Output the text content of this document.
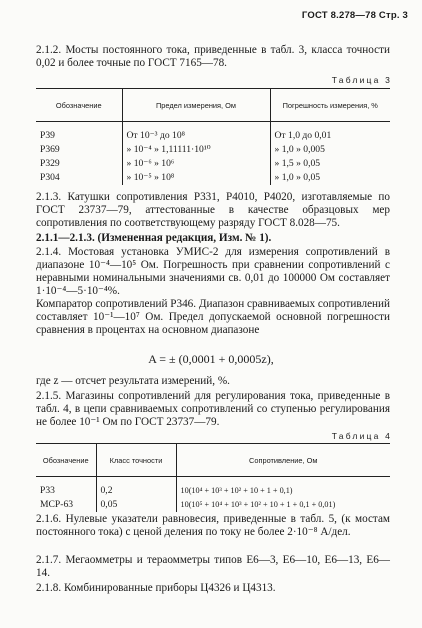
ГОСТ 8.278—78 Стр. 3
2.1.2. Мосты постоянного тока, приведенные в табл. 3, класса точности 0,02 и более точные по ГОСТ 7165—78.
Таблица 3
Обозначение	Предел измерения, Ом	Погрешность измерения, %
Р39	От 10⁻³ до 10⁸	От 1,0 до 0,01
Р369	» 10⁻⁴ » 1,11111·10¹⁰	» 1,0 » 0,005
Р329	» 10⁻⁶ » 10⁶	» 1,5 » 0,05
Р304	» 10⁻⁵ » 10⁸	» 1,0 » 0,05
2.1.3. Катушки сопротивления Р331, Р4010, Р4020, изготавляемые по ГОСТ 23737—79, аттестованные в качестве образцовых мер сопротивления по соответствующему разряду ГОСТ 8.028—75.
2.1.1—2.1.3. (Измененная редакция, Изм. № 1).
2.1.4. Мостовая установка УМИС-2 для измерения сопротивлений в диапазоне 10⁻⁴—10⁵ Ом. Погрешность при сравнении сопротивлений с неравными номинальными значениями св. 0,01 до 100000 Ом составляет 1·10⁻⁴—5·10⁻⁴%.
Компаратор сопротивлений Р346. Диапазон сравниваемых сопротивлений составляет 10⁻¹—10⁷ Ом. Предел допускаемой основной погрешности сравнения в процентах на основном диапазоне
A = ± (0,0001 + 0,0005z),
где z — отсчет результата измерений, %.
2.1.5. Магазины сопротивлений для регулирования тока, приведенные в табл. 4, в цепи сравниваемых сопротивлений со ступенью регулирования не более 10⁻¹ Ом по ГОСТ 23737—79.
Таблица 4
Обозначение	Класс точности	Сопротивление, Ом
Р33	0,2	10(10⁴ + 10³ + 10² + 10 + 1 + 0,1)
МСР-63	0,05	10(10⁵ + 10⁴ + 10³ + 10² + 10 + 1 + 0,1 + 0,01)
2.1.6. Нулевые указатели равновесия, приведенные в табл. 5, (к мостам постоянного тока) с ценой деления по току не более 2·10⁻⁸ А/дел.
2.1.7. Мегаомметры и тераомметры типов Е6—3, Е6—10, Е6—13, Е6—14.
2.1.8. Комбинированные приборы Ц4326 и Ц4313.
